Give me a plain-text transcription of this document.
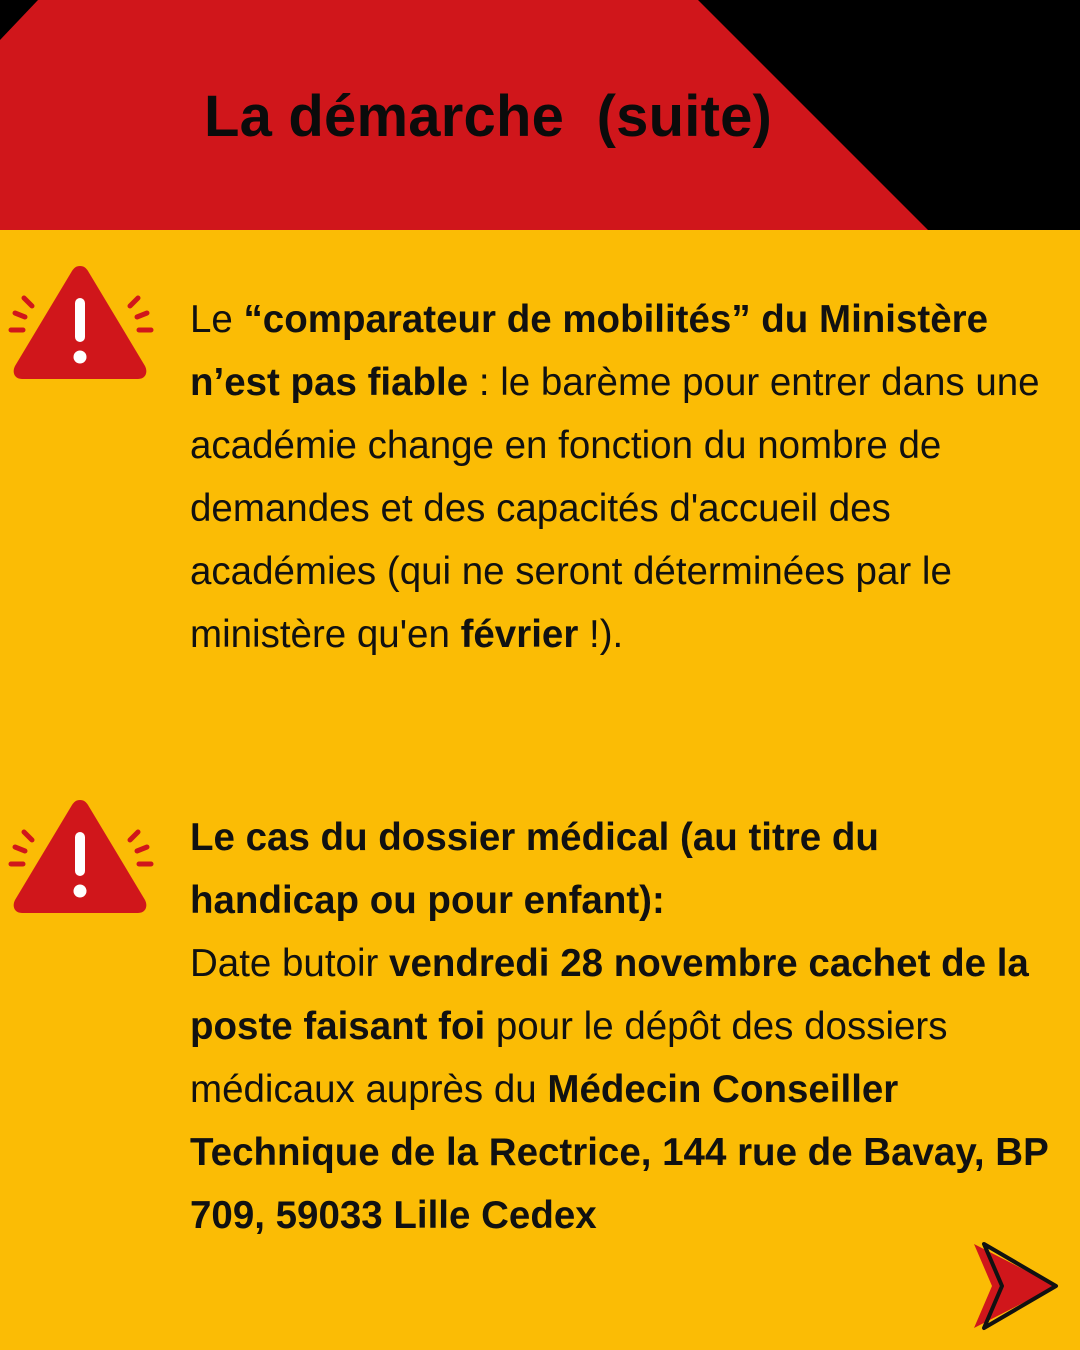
La démarche  (suite)
Le “comparateur de mobilités” du Ministère n’est pas fiable : le barème pour entrer dans une académie change en fonction du nombre de demandes et des capacités d'accueil des académies (qui ne seront déterminées par le ministère qu'en février !).
Le cas du dossier médical (au titre du handicap ou pour enfant):
Date butoir vendredi 28 novembre cachet de la poste faisant foi pour le dépôt des dossiers médicaux auprès du Médecin Conseiller Technique de la Rectrice, 144 rue de Bavay, BP 709, 59033 Lille Cedex
